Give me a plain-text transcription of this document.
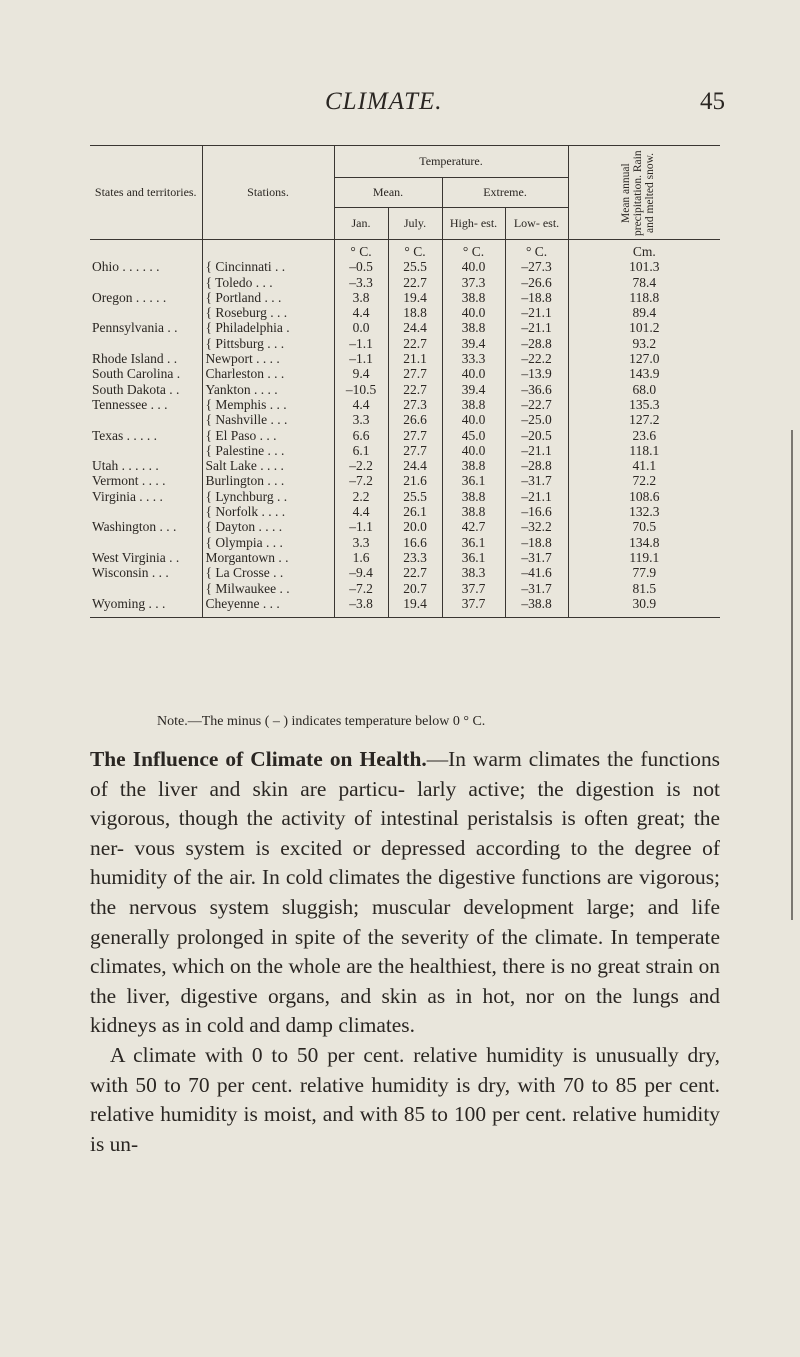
CLIMATE.	45
States and territories.	Stations.	Temperature.				Mean annual precipitation. Rain and melted snow.

		Mean.		Extreme.		
		Jan.	July.	High- est.	Low- est.	
		° C.	° C.	° C.	° C.	Cm.
Ohio . . . . . .	{ Cincinnati . .	–0.5	25.5	40.0	–27.3	101.3
	{ Toledo . . .	–3.3	22.7	37.3	–26.6	78.4
Oregon . . . . .	{ Portland . . .	3.8	19.4	38.8	–18.8	118.8
	{ Roseburg . . .	4.4	18.8	40.0	–21.1	89.4
Pennsylvania . .	{ Philadelphia .	0.0	24.4	38.8	–21.1	101.2
	{ Pittsburg . . .	–1.1	22.7	39.4	–28.8	93.2
Rhode Island . .	Newport . . . .	–1.1	21.1	33.3	–22.2	127.0
South Carolina .	Charleston . . .	9.4	27.7	40.0	–13.9	143.9
South Dakota . .	Yankton . . . .	–10.5	22.7	39.4	–36.6	68.0
Tennessee . . .	{ Memphis . . .	4.4	27.3	38.8	–22.7	135.3
	{ Nashville . . .	3.3	26.6	40.0	–25.0	127.2
Texas . . . . .	{ El Paso . . .	6.6	27.7	45.0	–20.5	23.6
	{ Palestine . . .	6.1	27.7	40.0	–21.1	118.1
Utah . . . . . .	Salt Lake . . . .	–2.2	24.4	38.8	–28.8	41.1
Vermont . . . .	Burlington . . .	–7.2	21.6	36.1	–31.7	72.2
Virginia . . . .	{ Lynchburg . .	2.2	25.5	38.8	–21.1	108.6
	{ Norfolk . . . .	4.4	26.1	38.8	–16.6	132.3
Washington . . .	{ Dayton . . . .	–1.1	20.0	42.7	–32.2	70.5
	{ Olympia . . .	3.3	16.6	36.1	–18.8	134.8
West Virginia . .	Morgantown . .	1.6	23.3	36.1	–31.7	119.1
Wisconsin . . .	{ La Crosse . .	–9.4	22.7	38.3	–41.6	77.9
	{ Milwaukee . .	–7.2	20.7	37.7	–31.7	81.5
Wyoming . . .	Cheyenne . . .	–3.8	19.4	37.7	–38.8	30.9
Note.—The minus ( – ) indicates temperature below 0 ° C.

The Influence of Climate on Health.—In warm climates the functions of the liver and skin are particu- larly active; the digestion is not vigorous, though the activity of intestinal peristalsis is often great; the ner- vous system is excited or depressed according to the degree of humidity of the air. In cold climates the digestive functions are vigorous; the nervous system sluggish; muscular development large; and life generally prolonged in spite of the severity of the climate. In temperate climates, which on the whole are the healthiest, there is no great strain on the liver, digestive organs, and skin as in hot, nor on the lungs and kidneys as in cold and damp climates.

A climate with 0 to 50 per cent. relative humidity is unusually dry, with 50 to 70 per cent. relative humidity is dry, with 70 to 85 per cent. relative humidity is moist, and with 85 to 100 per cent. relative humidity is un-
